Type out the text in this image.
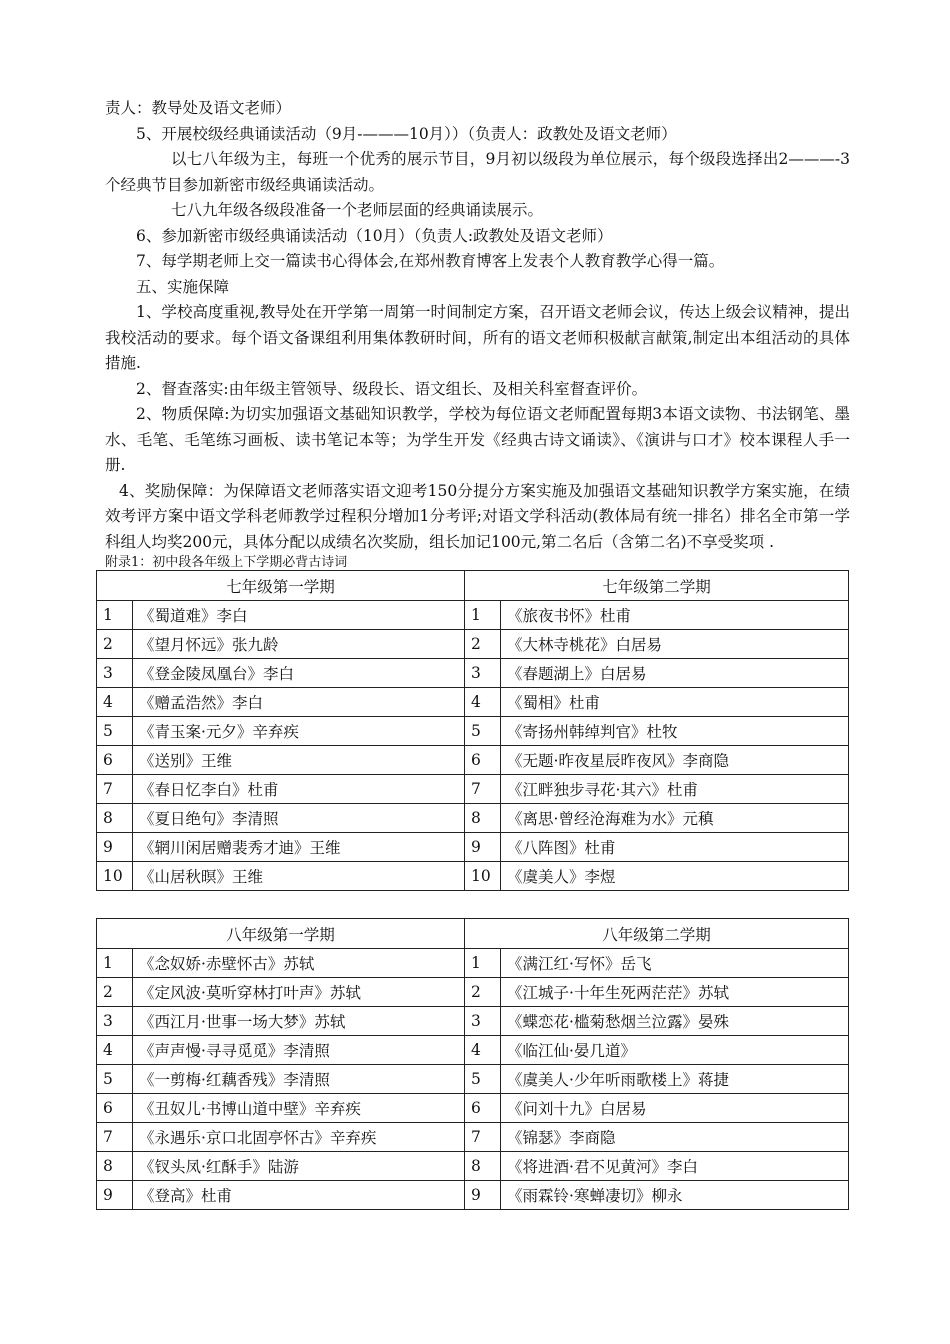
责人：教导处及语文老师）

5、开展校级经典诵读活动（9月-———10月））（负责人：政教处及语文老师）

以七八年级为主，每班一个优秀的展示节目，9月初以级段为单位展示，每个级段选择出2———-3个经典节目参加新密市级经典诵读活动。

七八九年级各级段准备一个老师层面的经典诵读展示。

6、参加新密市级经典诵读活动（10月）（负责人:政教处及语文老师）

7、每学期老师上交一篇读书心得体会,在郑州教育博客上发表个人教育教学心得一篇。

五、实施保障

1、学校高度重视,教导处在开学第一周第一时间制定方案，召开语文老师会议，传达上级会议精神，提出我校活动的要求。每个语文备课组利用集体教研时间，所有的语文老师积极献言献策,制定出本组活动的具体措施.

2、督查落实:由年级主管领导、级段长、语文组长、及相关科室督查评价。

2、物质保障:为切实加强语文基础知识教学，学校为每位语文老师配置每期3本语文读物、书法钢笔、墨水、毛笔、毛笔练习画板、读书笔记本等；为学生开发《经典古诗文诵读》、《演讲与口才》校本课程人手一册.

4、奖励保障：为保障语文老师落实语文迎考150分提分方案实施及加强语文基础知识教学方案实施，在绩效考评方案中语文学科老师教学过程积分增加1分考评;对语文学科活动(教体局有统一排名）排名全市第一学科组人均奖200元，具体分配以成绩名次奖励，组长加记100元,第二名后（含第二名)不享受奖项 .

附录1：初中段各年级上下学期必背古诗词

七年级第一学期		七年级第二学期	
1	《蜀道难》李白	1	《旅夜书怀》杜甫
2	《望月怀远》张九龄	2	《大林寺桃花》白居易
3	《登金陵凤凰台》李白	3	《春题湖上》白居易
4	《赠孟浩然》李白	4	《蜀相》杜甫
5	《青玉案·元夕》辛弃疾	5	《寄扬州韩绰判官》杜牧
6	《送别》王维	6	《无题·昨夜星辰昨夜风》李商隐
7	《春日忆李白》杜甫	7	《江畔独步寻花·其六》杜甫
8	《夏日绝句》李清照	8	《离思·曾经沧海难为水》元稹
9	《辋川闲居赠裴秀才迪》王维	9	《八阵图》杜甫
10	《山居秋暝》王维	10	《虞美人》李煜
八年级第一学期		八年级第二学期	
1	《念奴娇·赤壁怀古》苏轼	1	《满江红·写怀》岳飞
2	《定风波·莫听穿林打叶声》苏轼	2	《江城子·十年生死两茫茫》苏轼
3	《西江月·世事一场大梦》苏轼	3	《蝶恋花·槛菊愁烟兰泣露》晏殊
4	《声声慢·寻寻觅觅》李清照	4	《临江仙·晏几道》
5	《一剪梅·红藕香残》李清照	5	《虞美人·少年听雨歌楼上》蒋捷
6	《丑奴儿·书博山道中壁》辛弃疾	6	《问刘十九》白居易
7	《永遇乐·京口北固亭怀古》辛弃疾	7	《锦瑟》李商隐
8	《钗头凤·红酥手》陆游	8	《将进酒·君不见黄河》李白
9	《登高》杜甫	9	《雨霖铃·寒蝉凄切》柳永
